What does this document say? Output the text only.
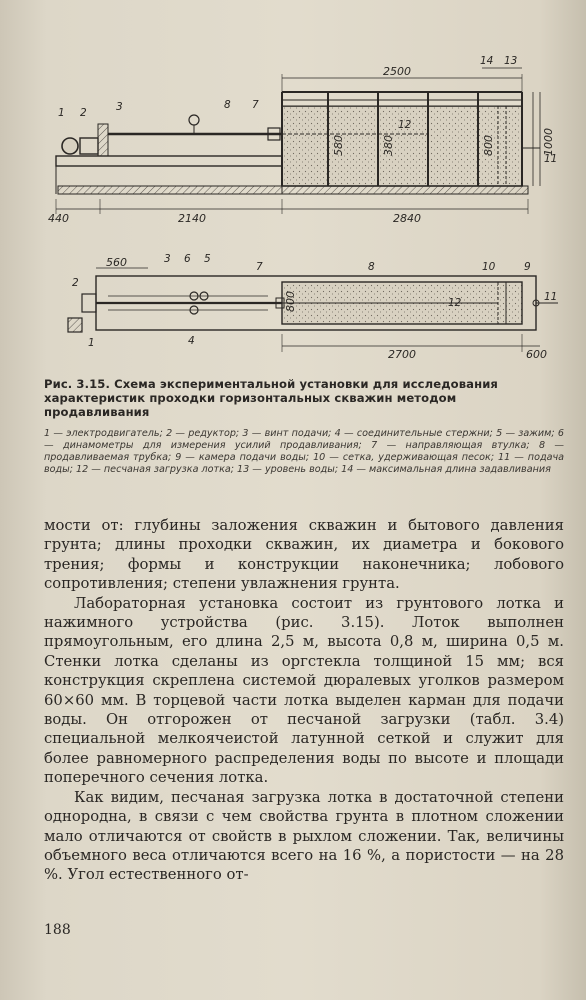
2500
440	2140	2840
580	380	800	1000
1 2	3	8 7
14 13
12
11
560
800
2700	600
2
3 6 5
7	8	10	9
12	11
1	4
Рис. 3.15. Схема экспериментальной установки для исследования характеристик проходки горизонтальных скважин методом продавливания
1 — электродвигатель; 2 — редуктор; 3 — винт подачи; 4 — соединительные стержни; 5 — зажим; 6 — динамометры для измерения усилий продавливания; 7 — направляющая втулка; 8 — продавливаемая трубка; 9 — камера подачи воды; 10 — сетка, удерживающая песок; 11 — подача воды; 12 — песчаная загрузка лотка; 13 — уровень воды; 14 — максимальная длина задавливания

мости от: глубины заложения скважин и бытового давления грунта; длины проходки скважин, их диаметра и бокового трения; формы и конструкции наконечника; лобового сопротивления; степени увлажнения грунта.

Лабораторная установка состоит из грунтового лотка и нажимного устройства (рис. 3.15). Лоток выполнен прямоугольным, его длина 2,5 м, высота 0,8 м, ширина 0,5 м. Стенки лотка сделаны из оргстекла толщиной 15 мм; вся конструкция скреплена системой дюралевых уголков размером 60×60 мм. В торцевой части лотка выделен карман для подачи воды. Он отгорожен от песчаной загрузки (табл. 3.4) специальной мелкоячеистой латунной сеткой и служит для более равномерного распределения воды по высоте и площади поперечного сечения лотка.

Как видим, песчаная загрузка лотка в достаточной степени однородна, в связи с чем свойства грунта в плотном сложении мало отличаются от свойств в рыхлом сложении. Так, величины объемного веса отличаются всего на 16 %, а пористости — на 28 %. Угол естественного от-

188
